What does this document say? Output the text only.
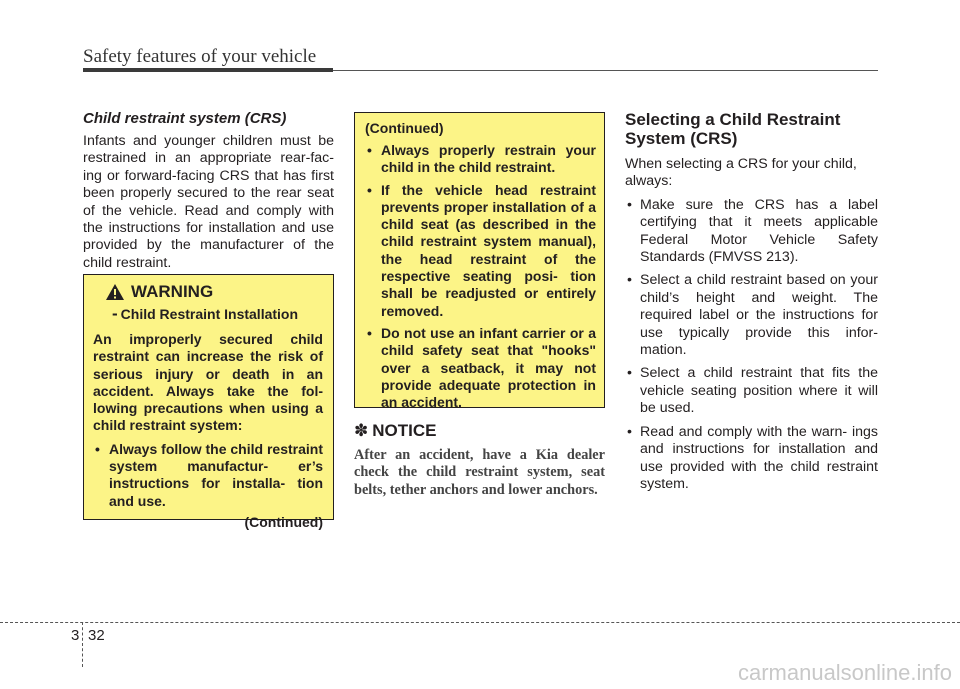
Safety features of your vehicle

Child restraint system (CRS)

Infants and younger children must be restrained in an appropriate rear-fac- ing or forward-facing CRS that has first been properly secured to the rear seat of the vehicle. Read and comply with the instructions for installation and use provided by the manufacturer of the child restraint.

WARNING
- Child Restraint Installation

An improperly secured child restraint can increase the risk of serious injury or death in an accident. Always take the fol- lowing precautions when using a child restraint system:

• Always follow the child restraint system manufactur- er’s instructions for installa- tion and use.
(Continued)

(Continued)

• Always properly restrain your child in the child restraint.
• If the vehicle head restraint prevents proper installation of a child seat (as described in the child restraint system manual), the head restraint of the respective seating posi- tion shall be readjusted or entirely removed.
• Do not use an infant carrier or a child safety seat that "hooks" over a seatback, it may not provide adequate protection in an accident.
✽ NOTICE

After an accident, have a Kia dealer check the child restraint system, seat belts, tether anchors and lower anchors.

Selecting a Child Restraint System (CRS)

When selecting a CRS for your child, always:

• Make sure the CRS has a label certifying that it meets applicable Federal Motor Vehicle Safety Standards (FMVSS 213).
• Select a child restraint based on your child’s height and weight. The required label or the instructions for use typically provide this infor- mation.
• Select a child restraint that fits the vehicle seating position where it will be used.
• Read and comply with the warn- ings and instructions for installation and use provided with the child restraint system.
3 32
carmanualsonline.info
